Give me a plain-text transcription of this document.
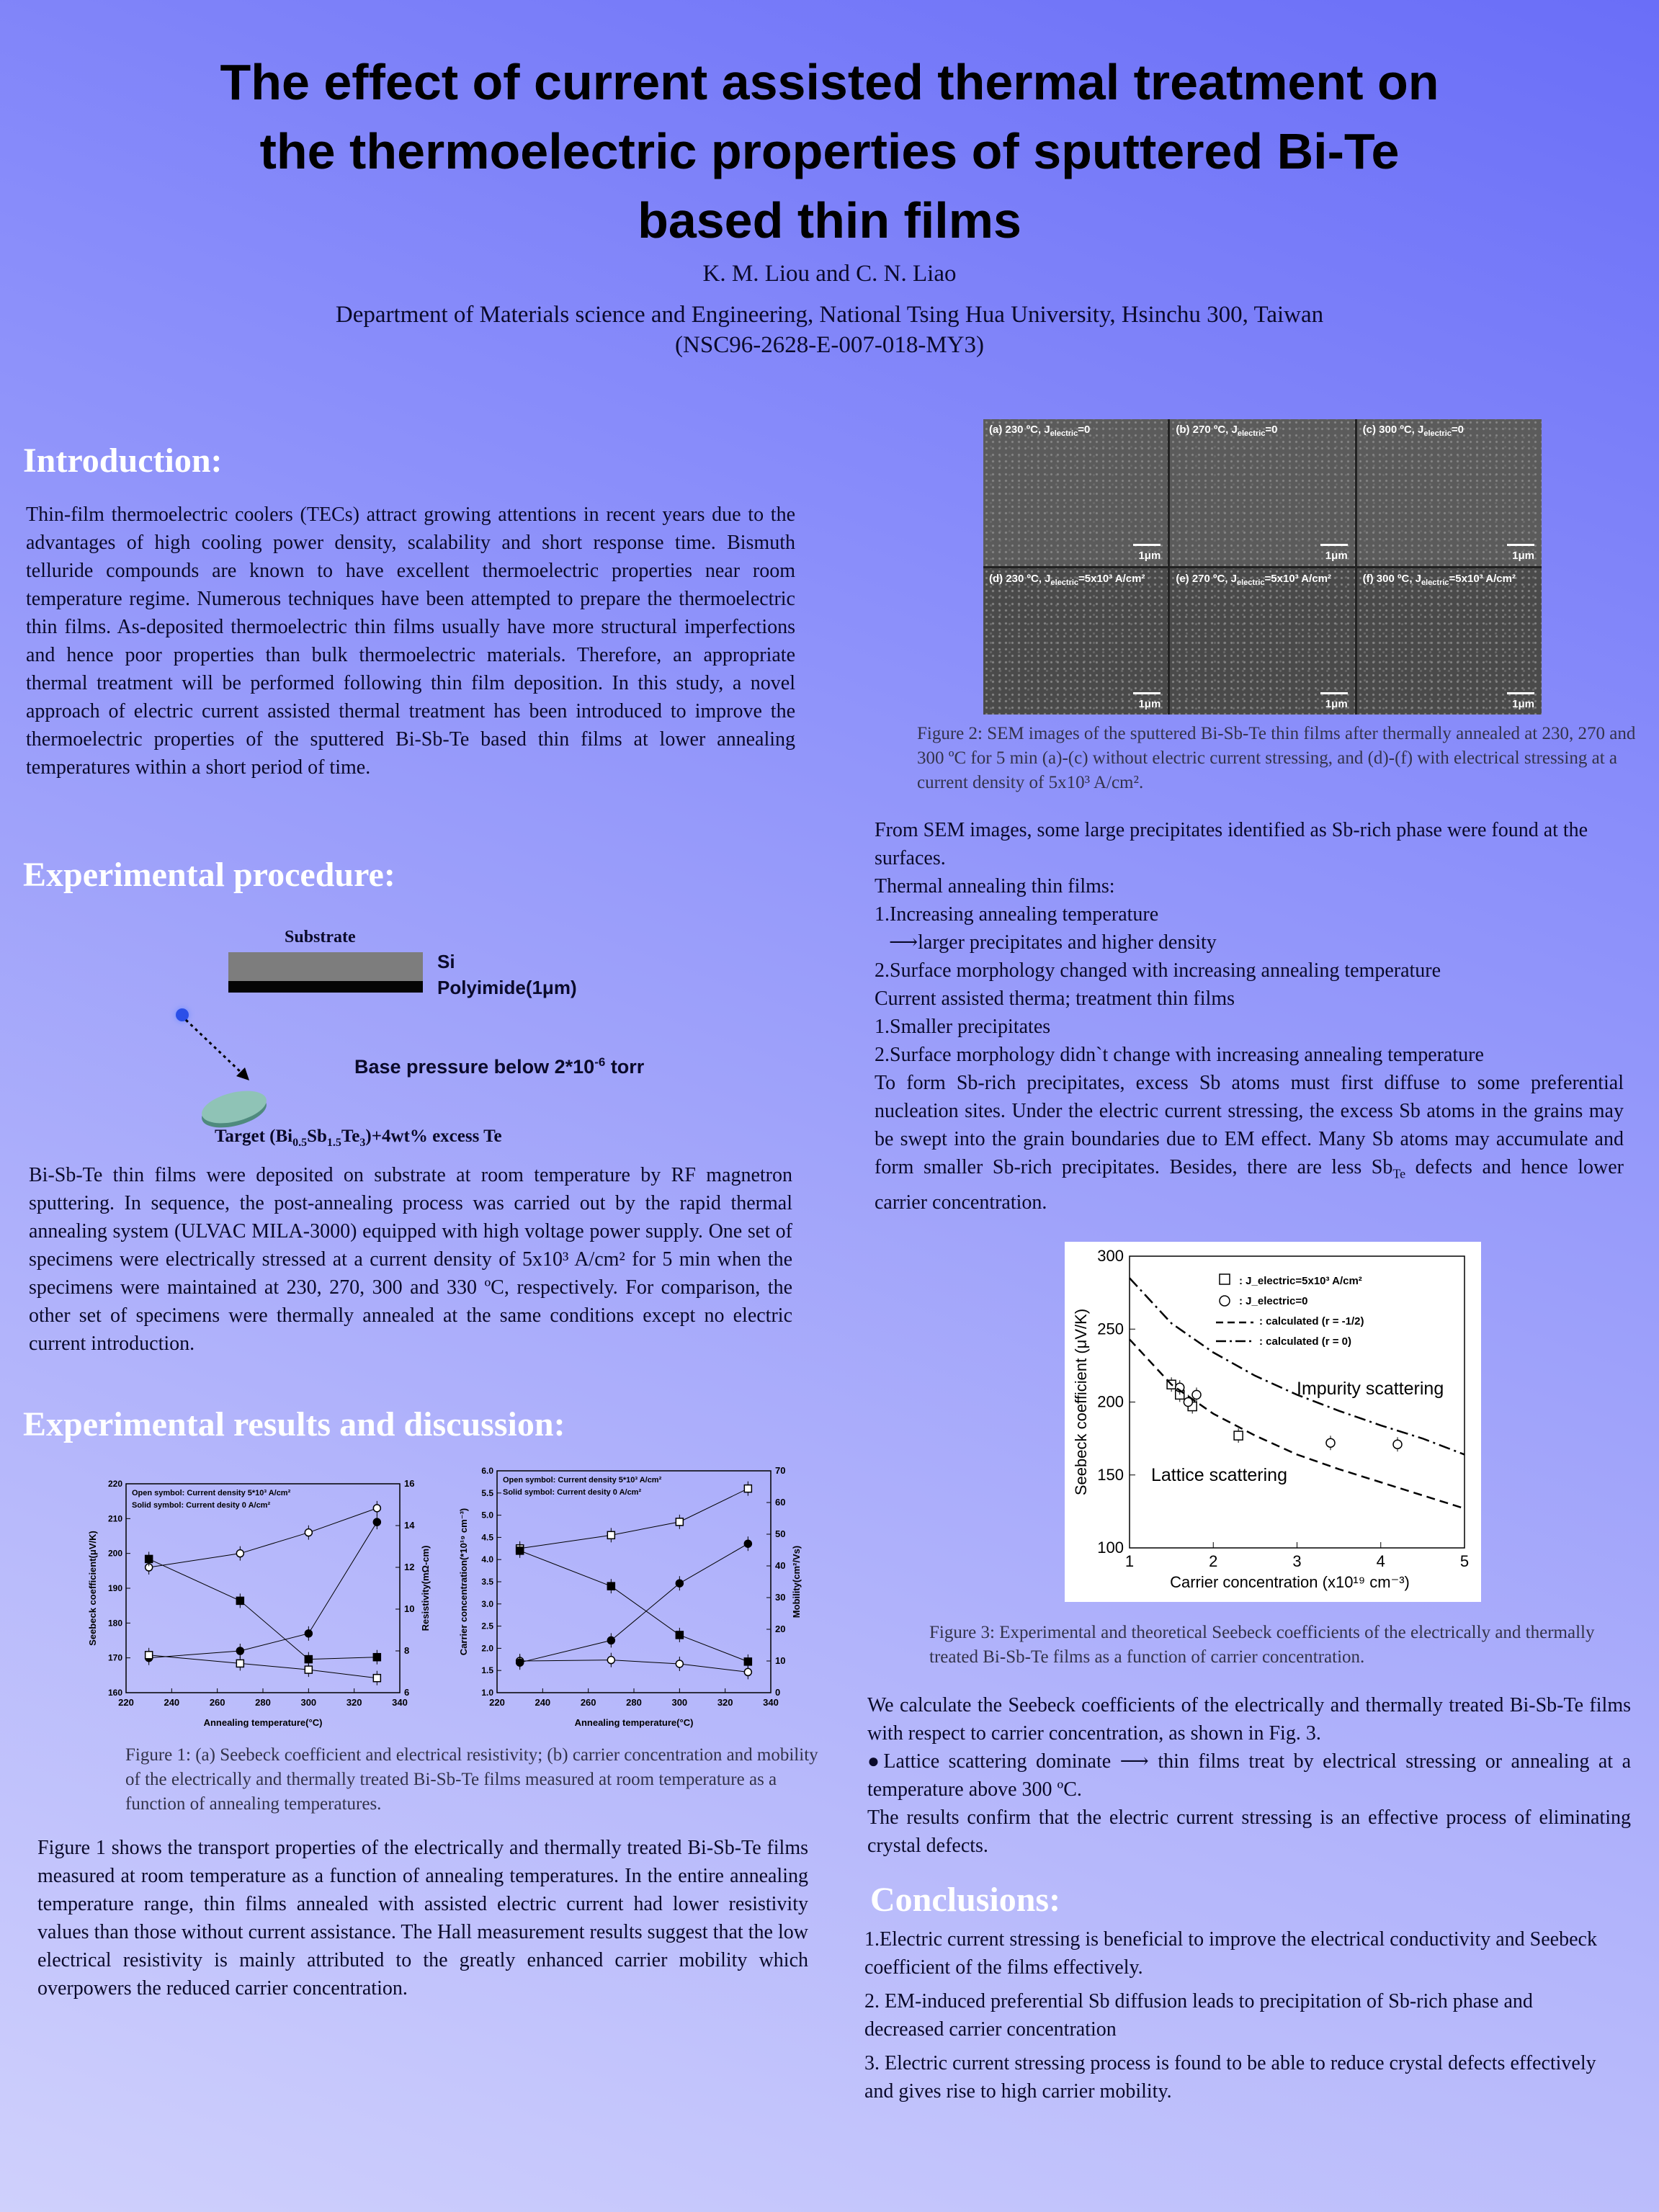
The effect of current assisted thermal treatment on
the thermoelectric properties of sputtered Bi-Te
based thin films
K. M. Liou and C. N. Liao
Department of Materials science and Engineering, National Tsing Hua University, Hsinchu 300, Taiwan
(NSC96-2628-E-007-018-MY3)
Introduction:
Thin-film thermoelectric coolers (TECs) attract growing attentions in recent years due to the advantages of high cooling power density, scalability and short response time. Bismuth telluride compounds are known to have excellent thermoelectric properties near room temperature regime. Numerous techniques have been attempted to prepare the thermoelectric thin films. As-deposited thermoelectric thin films usually have more structural imperfections and hence poor properties than bulk thermoelectric materials. Therefore, an appropriate thermal treatment will be performed following thin film deposition. In this study, a novel approach of electric current assisted thermal treatment has been introduced to improve the thermoelectric properties of the sputtered Bi-Sb-Te based thin films at lower annealing temperatures within a short period of time.
Experimental procedure:
Substrate
Si
Polyimide(1μm)
Base pressure below $2*10^{-6}$ torr
Target $(Bi_{0.5}Sb_{1.5}Te_3)+4wt\%$ excess Te
Bi-Sb-Te thin films were deposited on substrate at room temperature by RF magnetron sputtering. In sequence, the post-annealing process was carried out by the rapid thermal annealing system (ULVAC MILA-3000) equipped with high voltage power supply. One set of specimens were electrically stressed at a current density of 5x10³ A/cm² for 5 min when the specimens were maintained at 230, 270, 300 and 330 ºC, respectively. For comparison, the other set of specimens were thermally annealed at the same conditions except no electric current introduction.
Experimental results and discussion:
220	240	260	280	300	320	340
160
170
180
190
200
210
220
6
8
10
12
14
16
Annealing temperature(°C)
Seebeck coefficient(μV/K)	Resistivity(mΩ-cm)
Open symbol: Current density 5*10³ A/cm²
Solid symbol: Current desity 0 A/cm²
220	240	260	280	300	320	340
1.0
1.5
2.0
2.5
3.0
3.5
4.0
4.5
5.0
5.5
6.0
0
10
20
30
40
50
60
70
Annealing temperature(°C)
Carrier concentration(*10¹⁹ cm⁻³)	Mobility(cm²/Vs)
Open symbol: Current density 5*10³ A/cm²
Solid symbol: Current desity 0 A/cm²
Figure 1: (a) Seebeck coefficient and electrical resistivity; (b) carrier concentration and mobility of the electrically and thermally treated Bi-Sb-Te films measured at room temperature as a function of annealing temperatures.
Figure 1 shows the transport properties of the electrically and thermally treated Bi-Sb-Te films measured at room temperature as a function of annealing temperatures. In the entire annealing temperature range, thin films annealed with assisted electric current had lower resistivity values than those without current assistance. The Hall measurement results suggest that the low electrical resistivity is mainly attributed to the greatly enhanced carrier mobility which overpowers the reduced carrier concentration.
(a) 230 ºC, $J_{electric}=0$
1μm
(b) 270 ºC, $J_{electric}=0$
1μm
(c) 300 ºC, $J_{electric}=0$
1μm
(d) 230 ºC, $J_{electric}=5x10^3$ A/cm²
1μm
(e) 270 ºC, $J_{electric}=5x10^3$ A/cm²
1μm
(f) 300 ºC, $J_{electric}=5x10^3$ A/cm²
1μm
Figure 2: SEM images of the sputtered Bi-Sb-Te thin films after thermally annealed at 230, 270 and 300 ºC for 5 min (a)-(c) without electric current stressing, and (d)-(f) with electrical stressing at a current density of 5x10³ A/cm².
From SEM images, some large precipitates identified as Sb-rich phase were found at the surfaces.
Thermal annealing thin films:
1.Increasing annealing temperature
⟶larger precipitates and higher density
2.Surface morphology changed with increasing annealing temperature
Current assisted therma; treatment thin films
1.Smaller precipitates
2.Surface morphology didn`t change with increasing annealing temperature
To form Sb-rich precipitates, excess Sb atoms must first diffuse to some preferential nucleation sites. Under the electric current stressing, the excess Sb atoms in the grains may be swept into the grain boundaries due to EM effect. Many Sb atoms may accumulate and form smaller Sb-rich precipitates. Besides, there are less $Sb_{Te}$ defects and hence lower carrier concentration.
1	2	3	4	5
100
150
200
250
300
Carrier concentration (x10¹⁹ cm⁻³)
Seebeck coefficient (μV/K)
: J_electric=5x10³ A/cm²
: J_electric=0
: calculated (r = -1/2)
: calculated (r = 0)
Impurity scattering
Lattice scattering
Figure 3: Experimental and theoretical Seebeck coefficients of the electrically and thermally treated Bi-Sb-Te films as a function of carrier concentration.
We calculate the Seebeck coefficients of the electrically and thermally treated Bi-Sb-Te films with respect to carrier concentration, as shown in Fig. 3.
●Lattice scattering dominate ⟶ thin films treat by electrical stressing or annealing at a temperature above 300 ºC.
The results confirm that the electric current stressing is an effective process of eliminating crystal defects.
Conclusions:
1.Electric current stressing is beneficial to improve the electrical conductivity and Seebeck coefficient of the films effectively.
2. EM-induced preferential Sb diffusion leads to precipitation of Sb-rich phase and decreased carrier concentration
3. Electric current stressing process is found to be able to reduce crystal defects effectively and gives rise to high carrier mobility.
